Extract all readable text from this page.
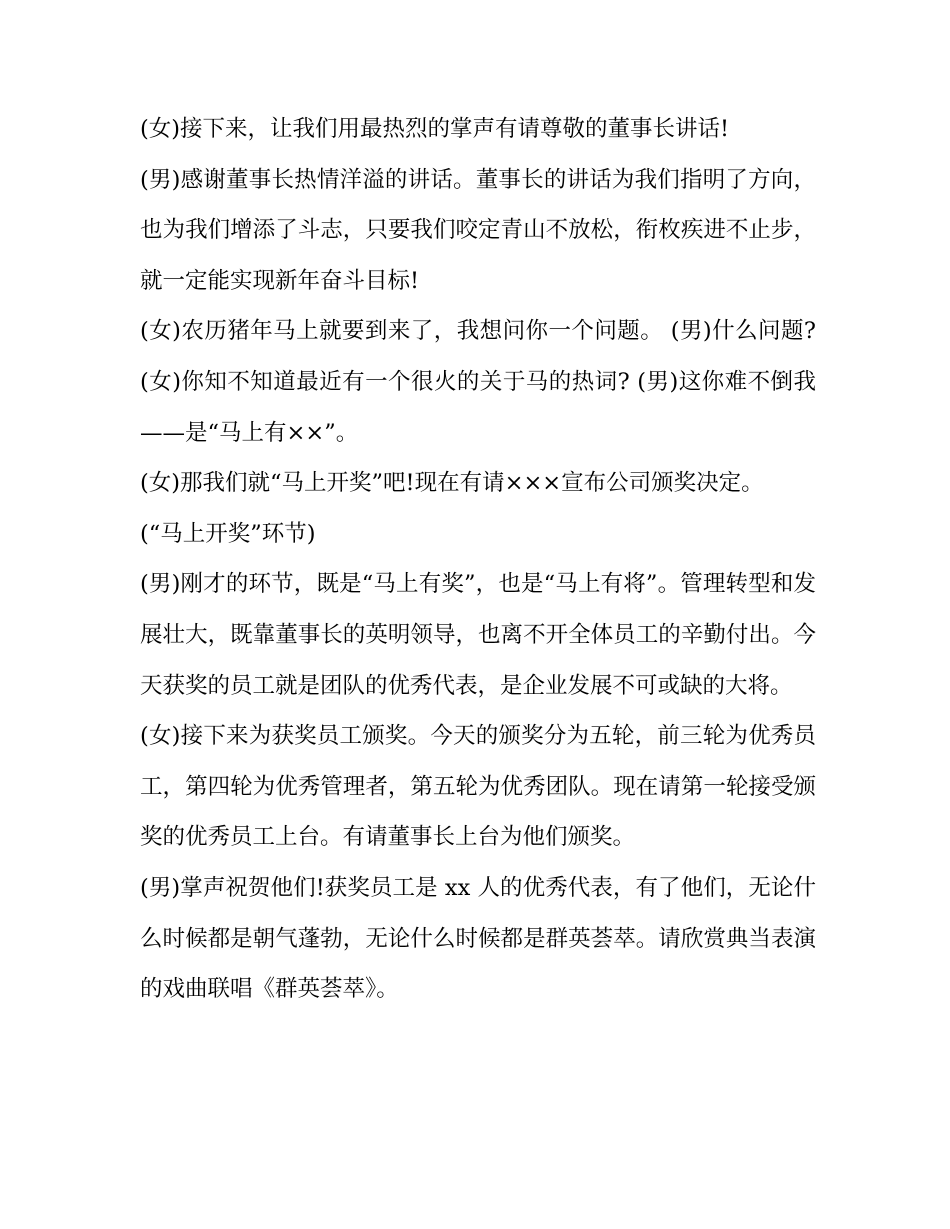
(女)接下来，让我们用最热烈的掌声有请尊敬的董事长讲话!

(男)感谢董事长热情洋溢的讲话。董事长的讲话为我们指明了方向，也为我们增添了斗志，只要我们咬定青山不放松，衔枚疾进不止步，就一定能实现新年奋斗目标!

(女)农历猪年马上就要到来了，我想问你一个问题。 (男)什么问题? (女)你知不知道最近有一个很火的关于马的热词? (男)这你难不倒我——是“马上有××”。

(女)那我们就“马上开奖”吧!现在有请×××宣布公司颁奖决定。

(“马上开奖”环节)

(男)刚才的环节，既是“马上有奖”，也是“马上有将”。管理转型和发展壮大，既靠董事长的英明领导，也离不开全体员工的辛勤付出。今天获奖的员工就是团队的优秀代表，是企业发展不可或缺的大将。

(女)接下来为获奖员工颁奖。今天的颁奖分为五轮，前三轮为优秀员工，第四轮为优秀管理者，第五轮为优秀团队。现在请第一轮接受颁奖的优秀员工上台。有请董事长上台为他们颁奖。

(男)掌声祝贺他们!获奖员工是 xx 人的优秀代表，有了他们，无论什么时候都是朝气蓬勃，无论什么时候都是群英荟萃。请欣赏典当表演的戏曲联唱《群英荟萃》。
